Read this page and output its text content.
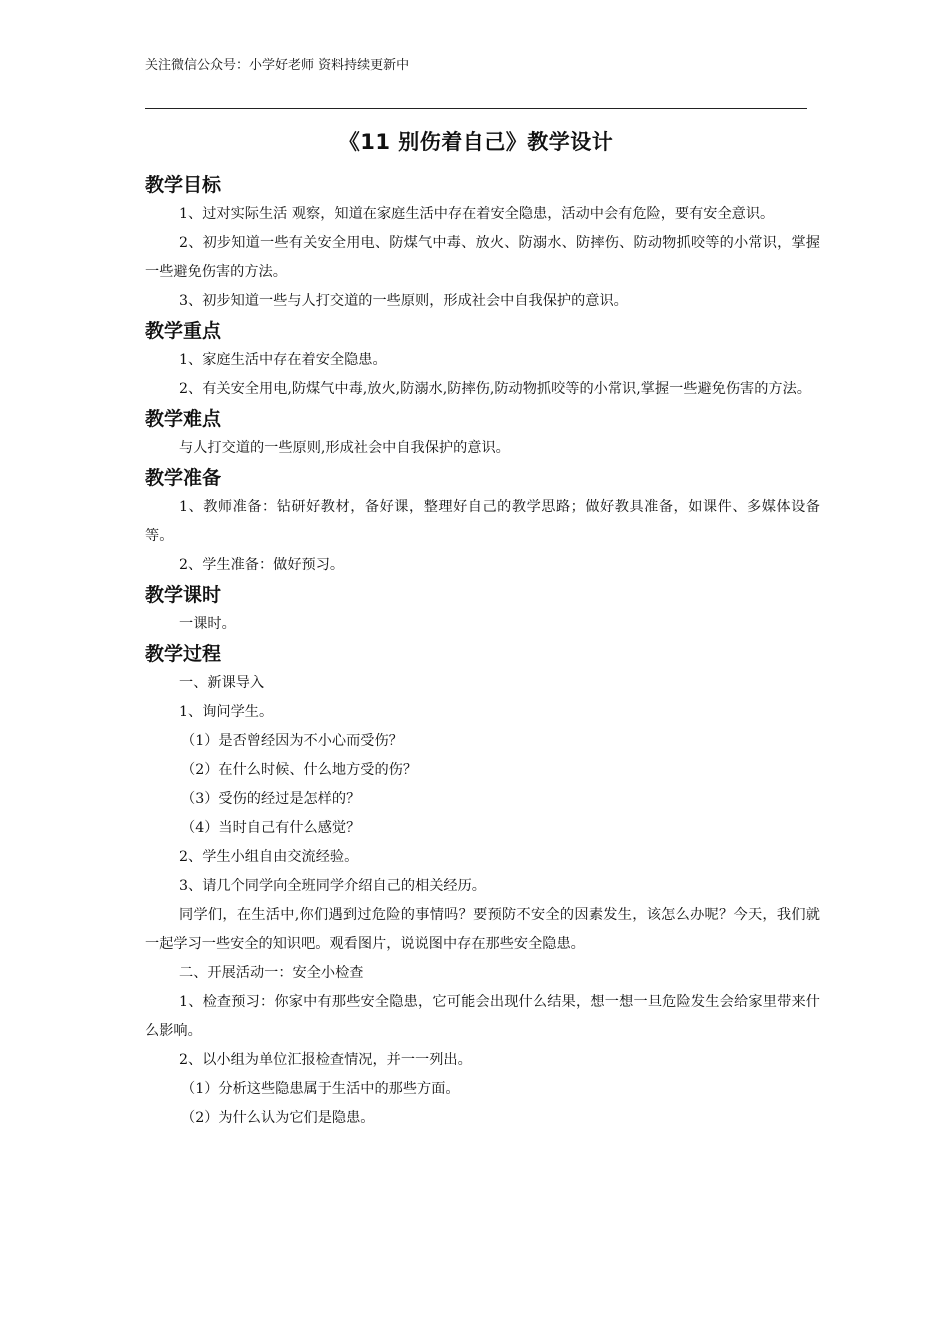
关注微信公众号：小学好老师 资料持续更新中
《11 别伤着自己》教学设计
教学目标

1、过对实际生活 观察，知道在家庭生活中存在着安全隐患，活动中会有危险，要有安全意识。

2、初步知道一些有关安全用电、防煤气中毒、放火、防溺水、防摔伤、防动物抓咬等的小常识，掌握一些避免伤害的方法。

3、初步知道一些与人打交道的一些原则，形成社会中自我保护的意识。

教学重点

1、家庭生活中存在着安全隐患。

2、有关安全用电,防煤气中毒,放火,防溺水,防摔伤,防动物抓咬等的小常识,掌握一些避免伤害的方法。

教学难点

与人打交道的一些原则,形成社会中自我保护的意识。

教学准备

1、教师准备：钻研好教材，备好课，整理好自己的教学思路；做好教具准备，如课件、多媒体设备等。

2、学生准备：做好预习。

教学课时

一课时。

教学过程

一、新课导入

1、询问学生。

（1）是否曾经因为不小心而受伤？

（2）在什么时候、什么地方受的伤？

（3）受伤的经过是怎样的？

（4）当时自己有什么感觉？

2、学生小组自由交流经验。

3、请几个同学向全班同学介绍自己的相关经历。

同学们，在生活中,你们遇到过危险的事情吗？要预防不安全的因素发生，该怎么办呢？今天，我们就一起学习一些安全的知识吧。观看图片，说说图中存在那些安全隐患。

二、开展活动一：安全小检查

1、检查预习：你家中有那些安全隐患，它可能会出现什么结果，想一想一旦危险发生会给家里带来什么影响。

2、以小组为单位汇报检查情况，并一一列出。

（1）分析这些隐患属于生活中的那些方面。

（2）为什么认为它们是隐患。
